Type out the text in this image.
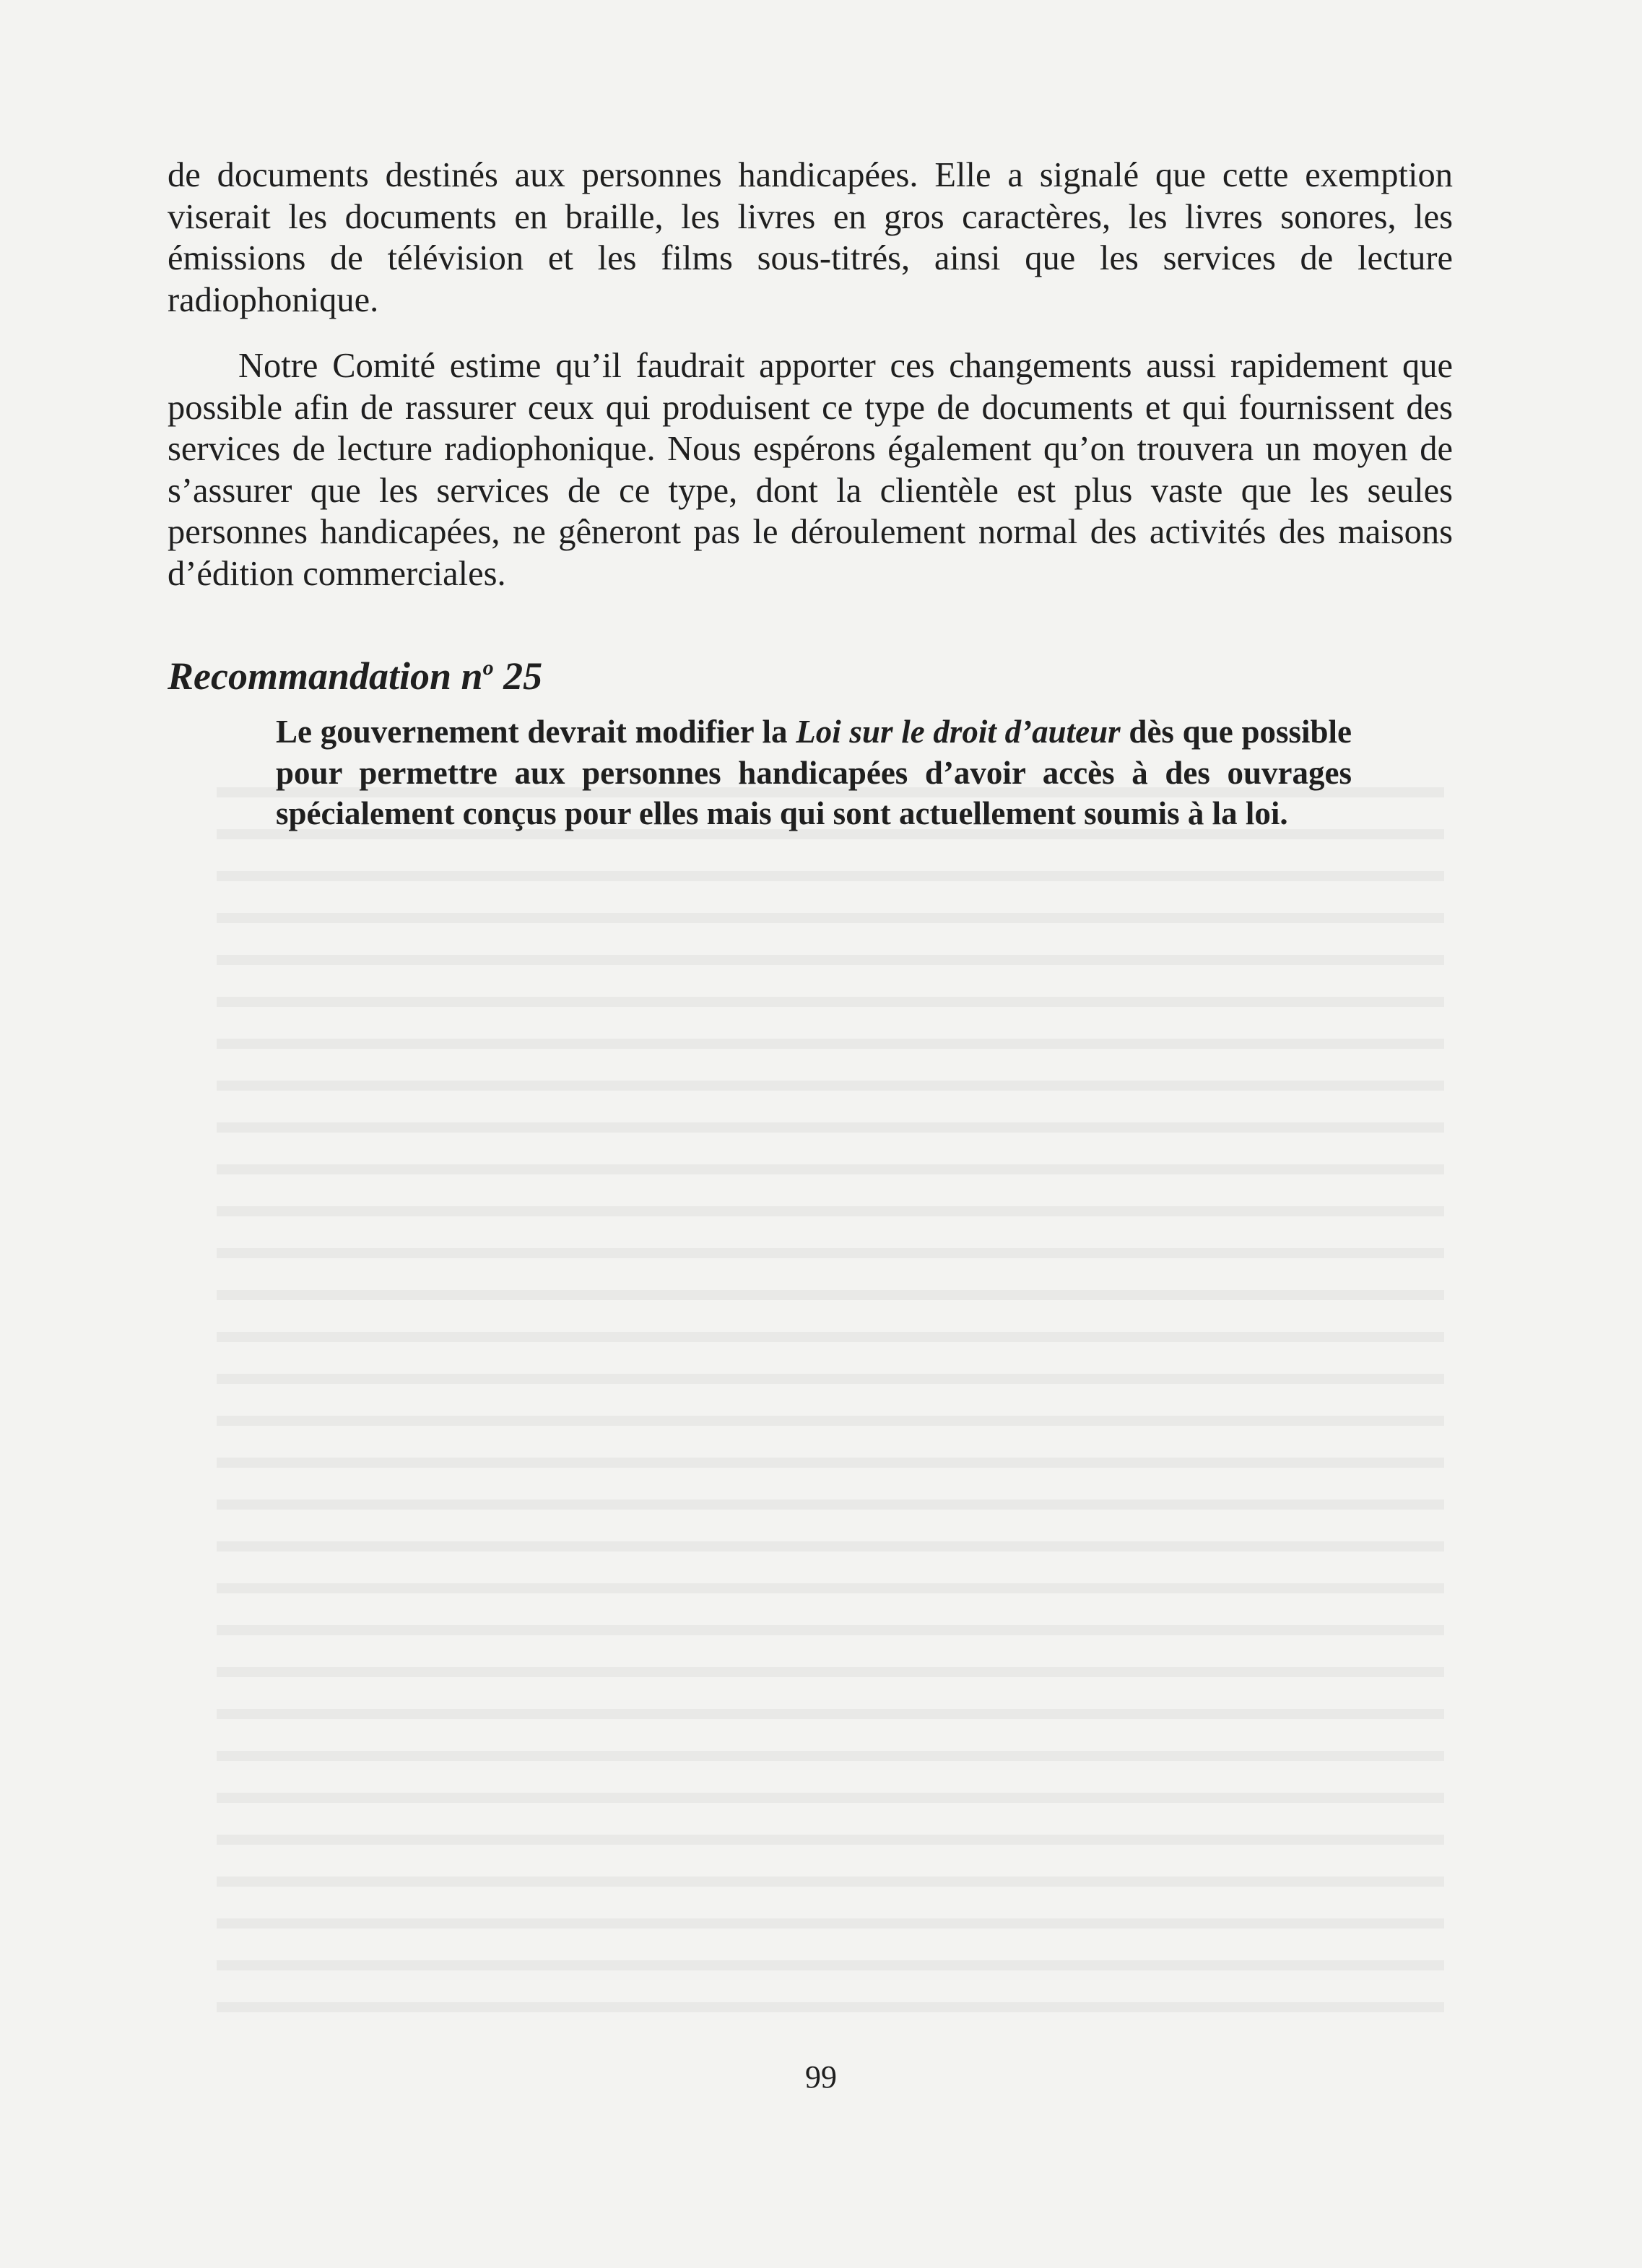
de documents destinés aux personnes handicapées. Elle a signalé que cette exemption viserait les documents en braille, les livres en gros caractères, les livres sonores, les émissions de télévision et les films sous-titrés, ainsi que les services de lecture radiophonique.

Notre Comité estime qu’il faudrait apporter ces changements aussi rapidement que possible afin de rassurer ceux qui produisent ce type de documents et qui fournissent des services de lecture radiophonique. Nous espérons également qu’on trouvera un moyen de s’assurer que les services de ce type, dont la clientèle est plus vaste que les seules personnes handicapées, ne gêneront pas le déroulement normal des activités des maisons d’édition commerciales.

Recommandation $n^o$ 25

Le gouvernement devrait modifier la Loi sur le droit d’auteur dès que possible pour permettre aux personnes handicapées d’avoir accès à des ouvrages spécialement conçus pour elles mais qui sont actuellement soumis à la loi.

99
